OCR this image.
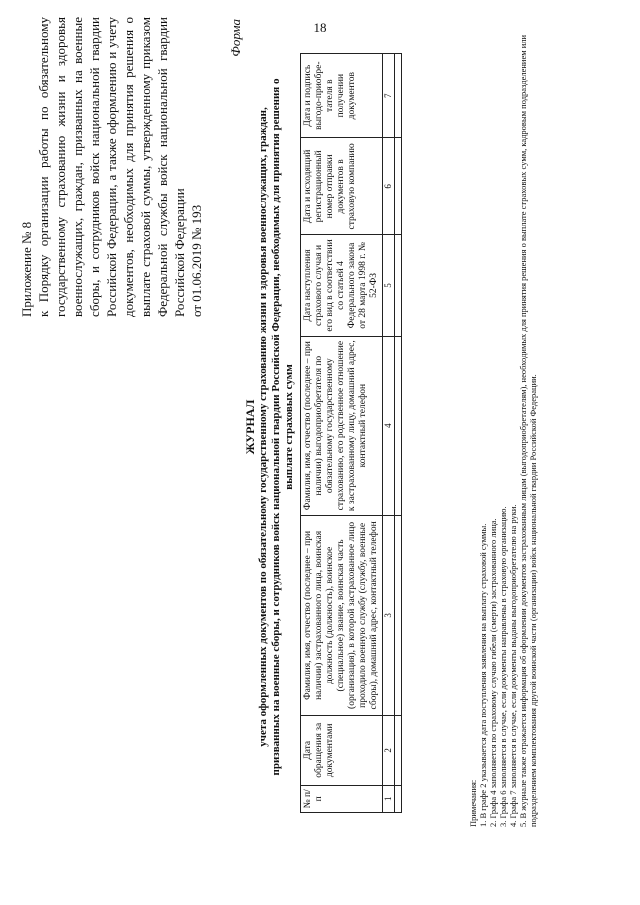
18
Приложение № 8 к Порядку организации работы по обязательному государственному страхованию жизни и здоровья военнослужащих, граждан, призванных на военные сборы, и сотрудников войск национальной гвардии Российской Федерации, а также оформлению и учету документов, необходимых для принятия решения о выплате страховой суммы, утвержденному приказом Федеральной службы войск национальной гвардии Российской Федерации от 01.06.2019 № 193
Форма
ЖУРНАЛ учета оформленных документов по обязательному государственному страхованию жизни и здоровья военнослужащих, граждан, призванных на военные сборы, и сотрудников войск национальной гвардии Российской Федерации, необходимых для принятия решения о выплате страховых сумм
№ п/п	Дата обращения за документами	Фамилия, имя, отчество (последнее – при наличии) застрахованного лица, воинская должность (должность), воинское (специальное) звание, воинская часть (организация), в которой застрахованное лицо проходило военную службу (службу, военные сборы), домашний адрес, контактный телефон	Фамилия, имя, отчество (последнее – при наличии) выгодоприобретателя по обязательному государственному страхованию, его родственное отношение к застрахованному лицу, домашний адрес, контактный телефон	Дата наступления страхового случая и его вид в соответствии со статьей 4 Федерального закона от 28 марта 1998 г. № 52-ФЗ	Дата и исходящий регистрационный номер отправки документов в страховую компанию	Дата и подпись выгодо-приобре-тателя в получении документов
1	2	3	4	5	6	7

Примечания: 1. В графе 2 указывается дата поступления заявления на выплату страховой суммы. 2. Графа 4 заполняется по страховому случаю гибели (смерти) застрахованного лица. 3. Графа 6 заполняется в случае, если документы направлены в страховую организацию. 4. Графа 7 заполняется в случае, если документы выданы выгодоприобретателю на руки. 5. В журнале также отражается информация об оформлении документов застрахованным лицам (выгодоприобретателям), необходимых для принятия решения о выплате страховых сумм, кадровым подразделением или подразделением комплектования другой воинской части (организации) войск национальной гвардии Российской Федерации.
